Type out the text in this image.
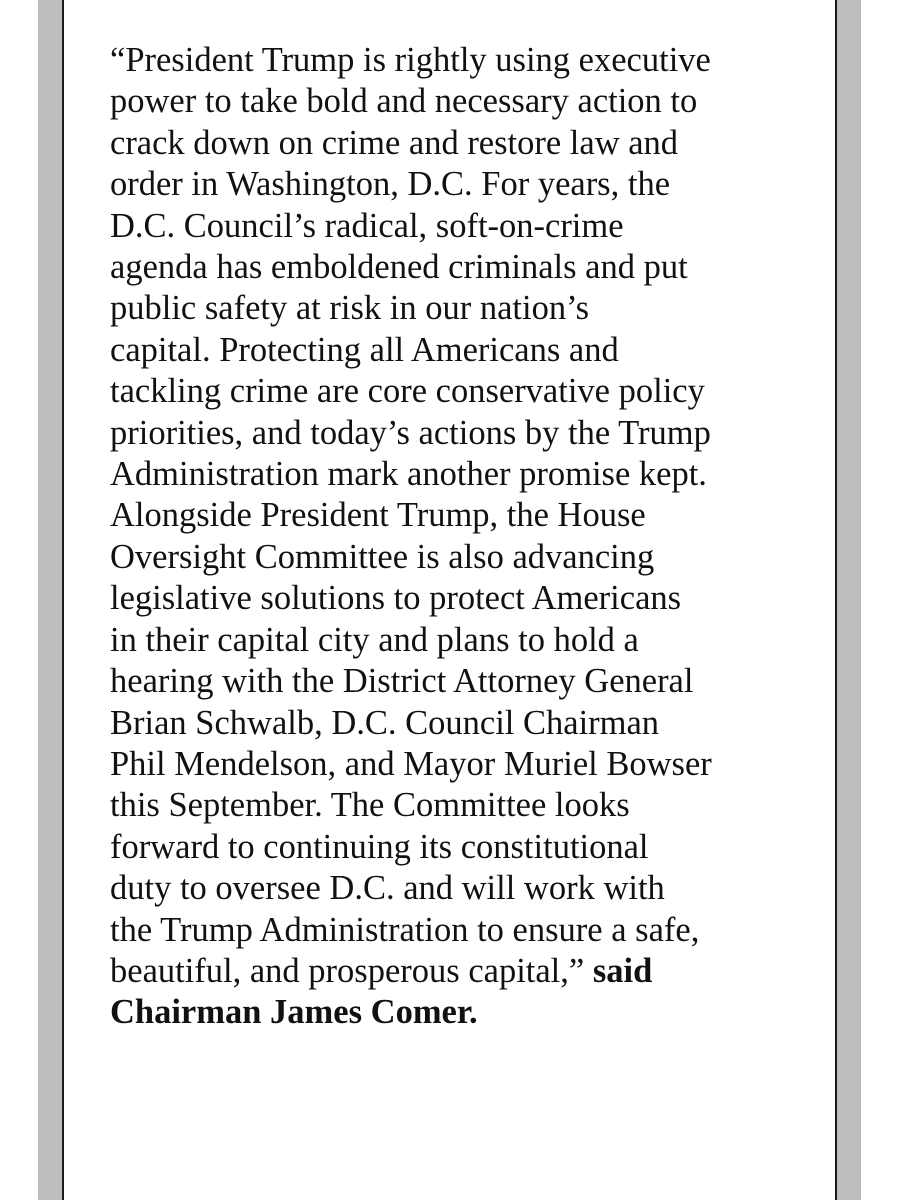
“President Trump is rightly using executive
power to take bold and necessary action to
crack down on crime and restore law and
order in Washington, D.C. For years, the
D.C. Council’s radical, soft-on-crime
agenda has emboldened criminals and put
public safety at risk in our nation’s
capital. Protecting all Americans and
tackling crime are core conservative policy
priorities, and today’s actions by the Trump
Administration mark another promise kept.
Alongside President Trump, the House
Oversight Committee is also advancing
legislative solutions to protect Americans
in their capital city and plans to hold a
hearing with the District Attorney General
Brian Schwalb, D.C. Council Chairman
Phil Mendelson, and Mayor Muriel Bowser
this September. The Committee looks
forward to continuing its constitutional
duty to oversee D.C. and will work with
the Trump Administration to ensure a safe,
beautiful, and prosperous capital,” said
Chairman James Comer.
